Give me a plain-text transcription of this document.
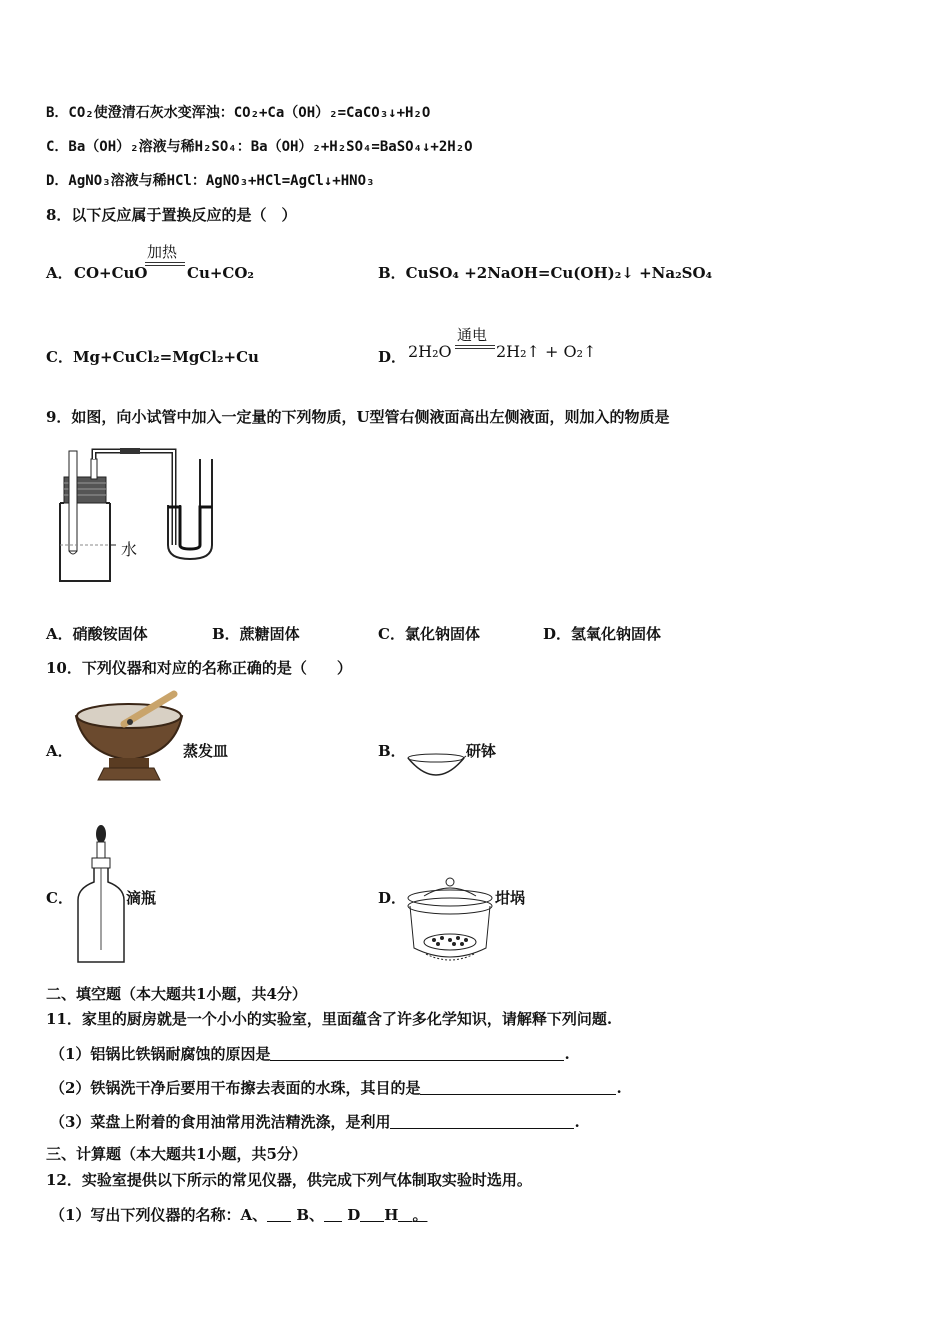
B．CO₂使澄清石灰水变浑浊：CO₂+Ca（OH）₂=CaCO₃↓+H₂O
C．Ba（OH）₂溶液与稀H₂SO₄：Ba（OH）₂+H₂SO₄=BaSO₄↓+2H₂O
D．AgNO₃溶液与稀HCl：AgNO₃+HCl=AgCl↓+HNO₃
8．以下反应属于置换反应的是（　）
A． CO+CuO
加热
Cu+CO₂	B．CuSO₄ +2NaOH=Cu(OH)₂↓ +Na₂SO₄
C．Mg+CuCl₂=MgCl₂+Cu	D． 2H₂O
通电
2H₂↑ + O₂↑
9．如图，向小试管中加入一定量的下列物质，U型管右侧液面高出左侧液面，则加入的物质是
水
A．硝酸铵固体	B．蔗糖固体	C．氯化钠固体	D．氢氧化钠固体
10．下列仪器和对应的名称正确的是（　　）
A．	蒸发皿	B．	研钵
C．	滴瓶	D．	坩埚
二、填空题（本大题共1小题，共4分）
11．家里的厨房就是一个小小的实验室，里面蕴含了许多化学知识，请解释下列问题.
（1）铝锅比铁锅耐腐蚀的原因是	.
（2）铁锅洗干净后要用干布擦去表面的水珠，其目的是	.
（3）菜盘上附着的食用油常用洗洁精洗涤，是利用	.
三、计算题（本大题共1小题，共5分）
12．实验室提供以下所示的常见仪器，供完成下列气体制取实验时选用。
（1）写出下列仪器的名称：A、 B、 D H 。
